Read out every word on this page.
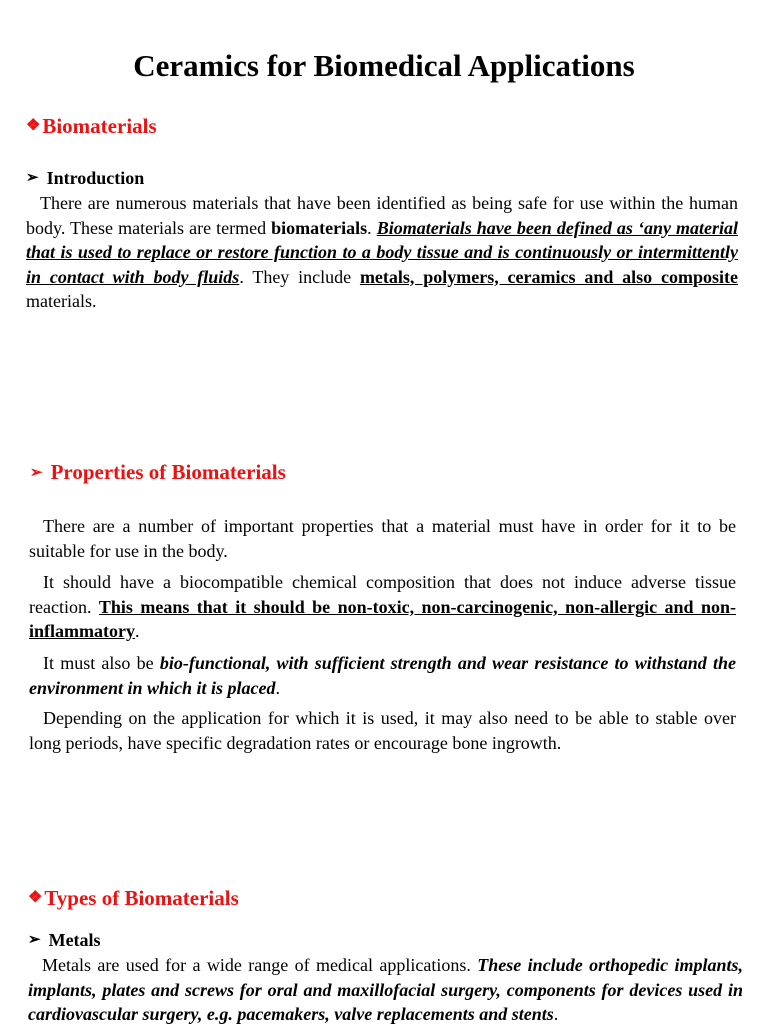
Ceramics for Biomedical Applications
❖Biomaterials
➢ Introduction

There are numerous materials that have been identified as being safe for use within the human body. These materials are termed biomaterials. Biomaterials have been defined as ‘any material that is used to replace or restore function to a body tissue and is continuously or intermittently in contact with body fluids. They include metals, polymers, ceramics and also composite materials.

➢ Properties of Biomaterials

There are a number of important properties that a material must have in order for it to be suitable for use in the body.

It should have a biocompatible chemical composition that does not induce adverse tissue reaction. This means that it should be non-toxic, non-carcinogenic, non-allergic and non-inflammatory.

It must also be bio-functional, with sufficient strength and wear resistance to withstand the environment in which it is placed.

Depending on the application for which it is used, it may also need to be able to stable over long periods, have specific degradation rates or encourage bone ingrowth.

❖Types of Biomaterials
➢ Metals

Metals are used for a wide range of medical applications. These include orthopedic implants, implants, plates and screws for oral and maxillofacial surgery, components for devices used in cardiovascular surgery, e.g. pacemakers, valve replacements and stents.
